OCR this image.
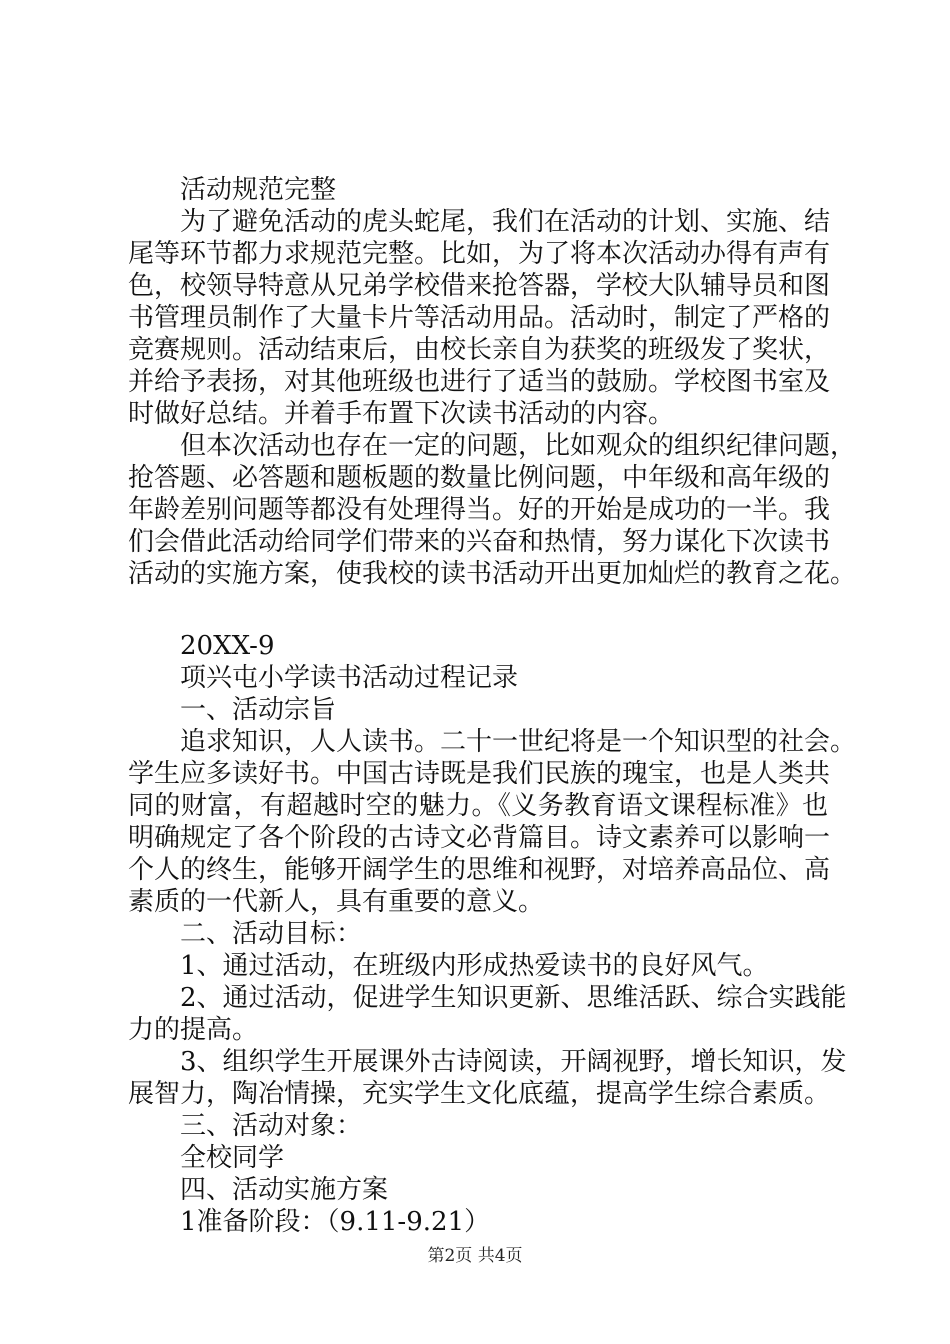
活动规范完整
为了避免活动的虎头蛇尾，我们在活动的计划、实施、结
尾等环节都力求规范完整。比如，为了将本次活动办得有声有
色，校领导特意从兄弟学校借来抢答器，学校大队辅导员和图
书管理员制作了大量卡片等活动用品。活动时，制定了严格的
竞赛规则。活动结束后，由校长亲自为获奖的班级发了奖状，
并给予表扬，对其他班级也进行了适当的鼓励。学校图书室及
时做好总结。并着手布置下次读书活动的内容。
但本次活动也存在一定的问题，比如观众的组织纪律问题，
抢答题、必答题和题板题的数量比例问题，中年级和高年级的
年龄差别问题等都没有处理得当。好的开始是成功的一半。我
们会借此活动给同学们带来的兴奋和热情，努力谋化下次读书
活动的实施方案，使我校的读书活动开出更加灿烂的教育之花。
20XX-9
项兴屯小学读书活动过程记录
一、活动宗旨
追求知识，人人读书。二十一世纪将是一个知识型的社会。
学生应多读好书。中国古诗既是我们民族的瑰宝，也是人类共
同的财富，有超越时空的魅力。《义务教育语文课程标准》也
明确规定了各个阶段的古诗文必背篇目。诗文素养可以影响一
个人的终生，能够开阔学生的思维和视野，对培养高品位、高
素质的一代新人，具有重要的意义。
二、活动目标：
1、通过活动，在班级内形成热爱读书的良好风气。
2、通过活动，促进学生知识更新、思维活跃、综合实践能
力的提高。
3、组织学生开展课外古诗阅读，开阔视野，增长知识，发
展智力，陶冶情操，充实学生文化底蕴，提高学生综合素质。
三、活动对象：
全校同学
四、活动实施方案
1准备阶段：（9.11-9.21）
第2页 共4页
